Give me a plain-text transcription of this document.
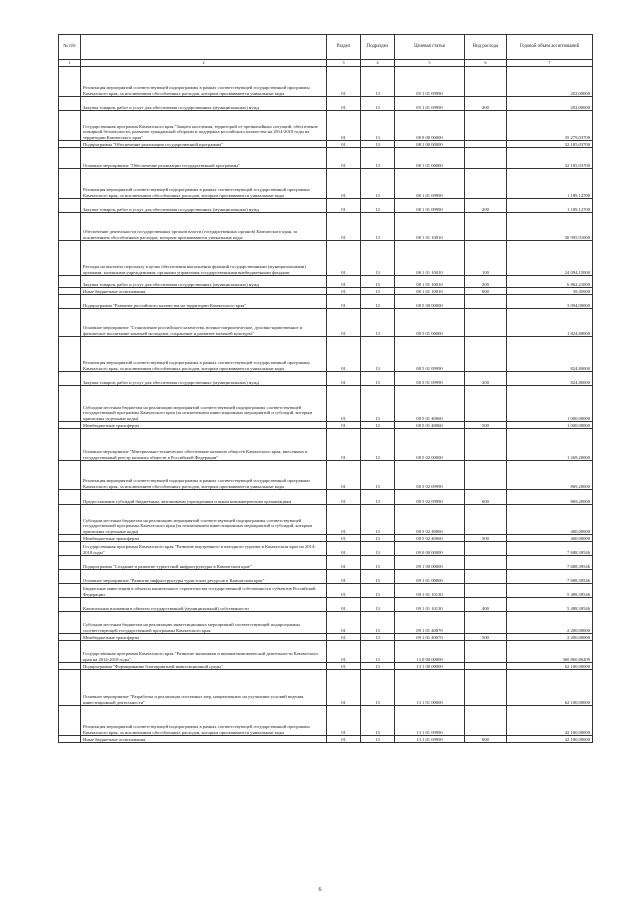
№ п/п		Раздел	Подраздел	Целевая статья	Вид расхода	Годовой объем ассигнований
1	2	3	4	5	6	7
	Реализация мероприятий соответствующей подпрограммы в рамках соответствующей государственной программы Камчатского края, за исключением обособленных расходов, которым присваиваются уникальные коды	01	13	05 1 01 09990		202,00000
	Закупка товаров, работ и услуг для обеспечения государственных (муниципальных) нужд	01	13	05 1 01 09990	200	202,00000
	Государственная программа Камчатского края "Защита населения, территорий от чрезвычайных ситуаций, обеспечение пожарной безопасности, развитие гражданской обороны и поддержка российского казачества на 2014-2018 годы на территории Камчатского края"	01	13	08 0 00 00000		35 279,03700
	Подпрограмма "Обеспечение реализации государственной программы"	01	13	08 1 00 00000		32 185,03700
	Основное мероприятие "Обеспечение реализации государственной программы"	01	13	08 1 01 00000		32 185,03700
	Реализация мероприятий соответствующей подпрограммы в рамках соответствующей государственной программы Камчатского края, за исключением обособленных расходов, которым присваиваются уникальные коды	01	13	08 1 01 09990		1 189,12700
	Закупка товаров, работ и услуг для обеспечения государственных (муниципальных) нужд	01	13	08 1 01 09990	200	1 189,12700
	Обеспечение деятельности государственных органов власти (государственных органов) Камчатского края, за исключением обособленных расходов, которым присваиваются уникальные коды	01	13	08 1 01 10010		30 995,91000
	Расходы на выплаты персоналу в целях обеспечения выполнения функций государственными (муниципальными) органами, казенными учреждениями, органами управления государственными внебюджетными фондами	01	13	08 1 01 10010	100	24 094,15000
	Закупка товаров, работ и услуг для обеспечения государственных (муниципальных) нужд	01	13	08 1 01 10010	200	6 862,21000
	Иные бюджетные ассигнования	01	13	08 1 01 10010	800	39,45000
	Подпрограмма "Развитие российского казачества на территории Камчатского края"	01	13	08 5 00 00000		3 094,00000
	Основное мероприятие "Становление российского казачества, военно-патриотическое, духовно-нравственное и физическое воспитание казачьей молодежи, сохранение и развитие казачьей культуры"	01	13	08 5 01 00000		1 824,80000
	Реализация мероприятий соответствующей подпрограммы в рамках соответствующей государственной программы Камчатского края, за исключением обособленных расходов, которым присваиваются уникальные коды	01	13	08 5 01 09990		824,80000
	Закупка товаров, работ и услуг для обеспечения государственных (муниципальных) нужд	01	13	08 5 01 09990	200	824,80000
	Субсидии местным бюджетам на реализацию мероприятий соответствующей подпрограммы соответствующей государственной программы Камчатского края (за исключением инвестиционных мероприятий и субсидий, которым присвоены отдельные коды)	01	13	08 5 01 40060		1 000,00000
	Межбюджетные трансферты	01	13	08 5 01 40060	500	1 000,00000
	Основное мероприятие "Материально-техническое обеспечение казачьих обществ Камчатского края, внесенных в государственный реестр казачьих обществ в Российской Федерации"	01	13	08 5 02 00000		1 269,20000
	Реализация мероприятий соответствующей подпрограммы в рамках соответствующей государственной программы Камчатского края, за исключением обособленных расходов, которым присваиваются уникальные коды	01	13	08 5 02 09990		869,20000
	Предоставление субсидий бюджетным, автономным учреждениям и иным некоммерческим организациям	01	13	08 5 02 09990	600	869,20000
	Субсидии местным бюджетам на реализацию мероприятий соответствующей подпрограммы соответствующей государственной программы Камчатского края (за исключением инвестиционных мероприятий и субсидий, которым присвоены отдельные коды)	01	13	08 5 02 40060		400,00000
	Межбюджетные трансферты	01	13	08 5 02 40060	500	400,00000
	Государственная программа Камчатского края "Развитие внутреннего и въездного туризма в Камчатском крае на 2014-2018 годы"	01	13	09 0 00 00000		7 688,39546
	Подпрограмма "Создание и развитие туристской инфраструктуры в Камчатском крае"	01	13	09 1 00 00000		7 688,39546
	Основное мероприятие "Развитие инфраструктуры туристских ресурсов в Камчатском крае"	01	13	09 1 01 00000		7 688,39546
	Бюджетные инвестиции в объекты капитального строительства государственной собственности субъектов Российской Федерации	01	13	09 1 01 10130		5 488,39546
	Капитальные вложения в объекты государственной (муниципальной) собственности	01	13	09 1 01 10130	400	5 488,39546
	Субсидии местным бюджетам на реализацию инвестиционных мероприятий соответствующей подпрограммы соответствующей государственной программы Камчатского края	01	13	09 1 01 40070		2 200,00000
	Межбюджетные трансферты	01	13	09 1 01 40070	500	2 200,00000
	Государственная программа Камчатского края "Развитие экономики и внешнеэкономической деятельности Камчатского края на 2014-2018 годы"	01	13	13 0 00 00000		360 860,86209
	Подпрограмма "Формирование благоприятной инвестиционной среды"	01	13	13 1 00 00000		62 100,00000
	Основное мероприятие "Разработка и реализация системных мер, направленных на улучшение условий ведения инвестиционной деятельности"	01	13	13 1 01 00000		62 100,00000
	Реализация мероприятий соответствующей подпрограммы в рамках соответствующей государственной программы Камчатского края, за исключением обособленных расходов, которым присваиваются уникальные коды	01	13	13 1 01 09990		42 100,00000
	Иные бюджетные ассигнования	01	13	13 1 01 09990	800	42 100,00000
6
